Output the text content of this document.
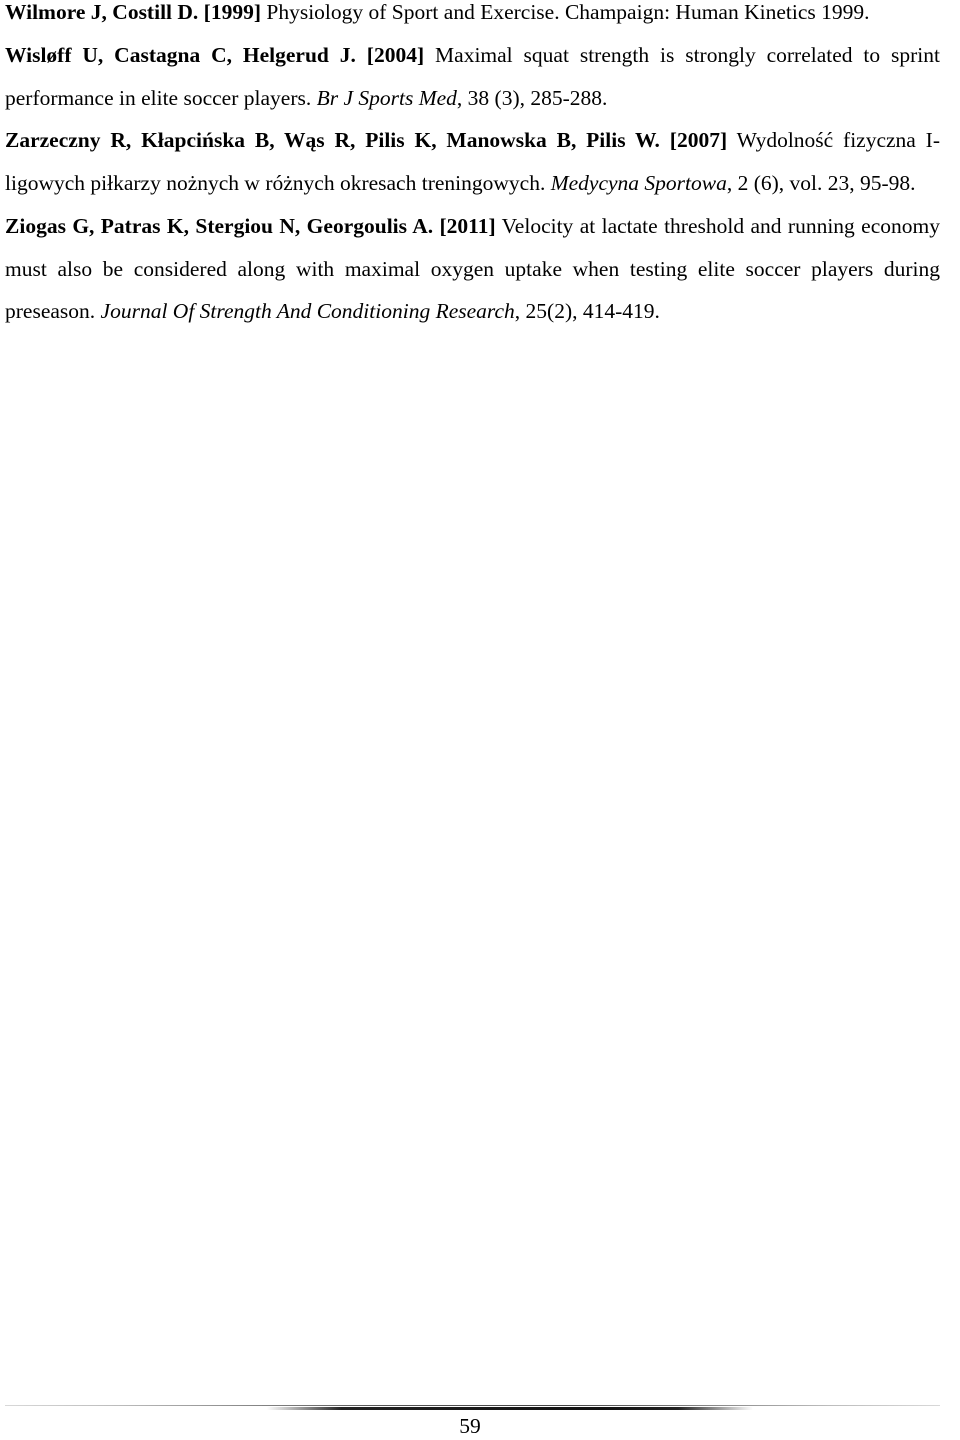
Wilmore J, Costill D. [1999] Physiology of Sport and Exercise. Champaign: Human Kinetics 1999.

Wisløff U, Castagna C, Helgerud J. [2004] Maximal squat strength is strongly correlated to sprint performance in elite soccer players. Br J Sports Med, 38 (3), 285-288.

Zarzeczny R, Kłapcińska B, Wąs R, Pilis K, Manowska B, Pilis W. [2007] Wydolność fizyczna I-ligowych piłkarzy nożnych w różnych okresach treningowych. Medycyna Sportowa, 2 (6), vol. 23, 95-98.

Ziogas G, Patras K, Stergiou N, Georgoulis A. [2011] Velocity at lactate threshold and running economy must also be considered along with maximal oxygen uptake when testing elite soccer players during preseason. Journal Of Strength And Conditioning Research, 25(2), 414-419.

59
